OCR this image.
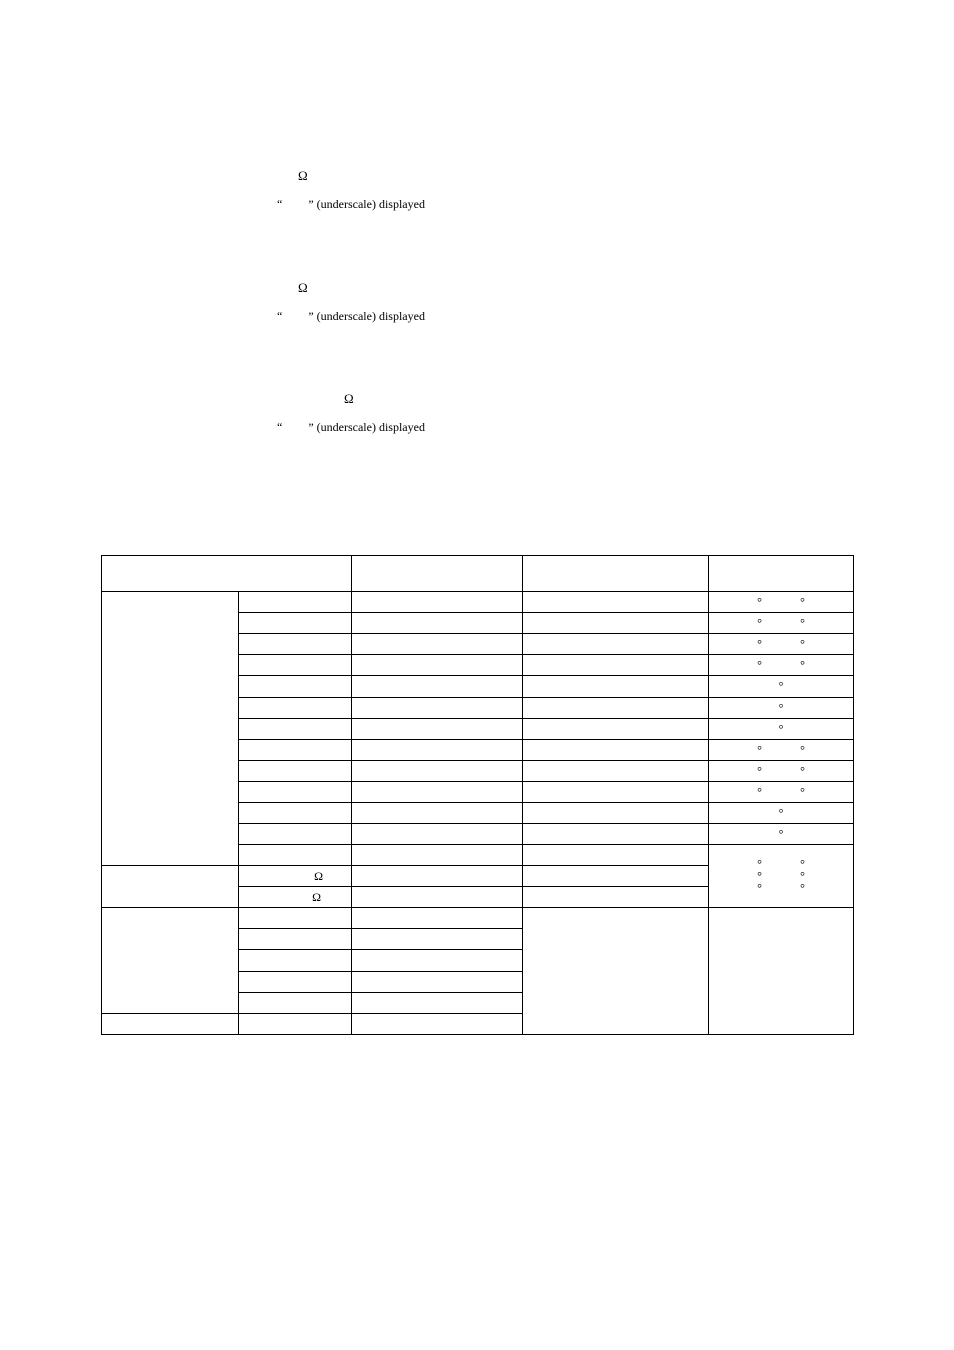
Ω
“ ” (underscale) displayed
Ω
“ ” (underscale) displayed
Ω
“ ” (underscale) displayed

				° °
				° °
				° °
				° °
				°
				°
				°
				° °
				° °
				° °
				°
				°
				° °
° °
° °

	Ω			

	Ω			
